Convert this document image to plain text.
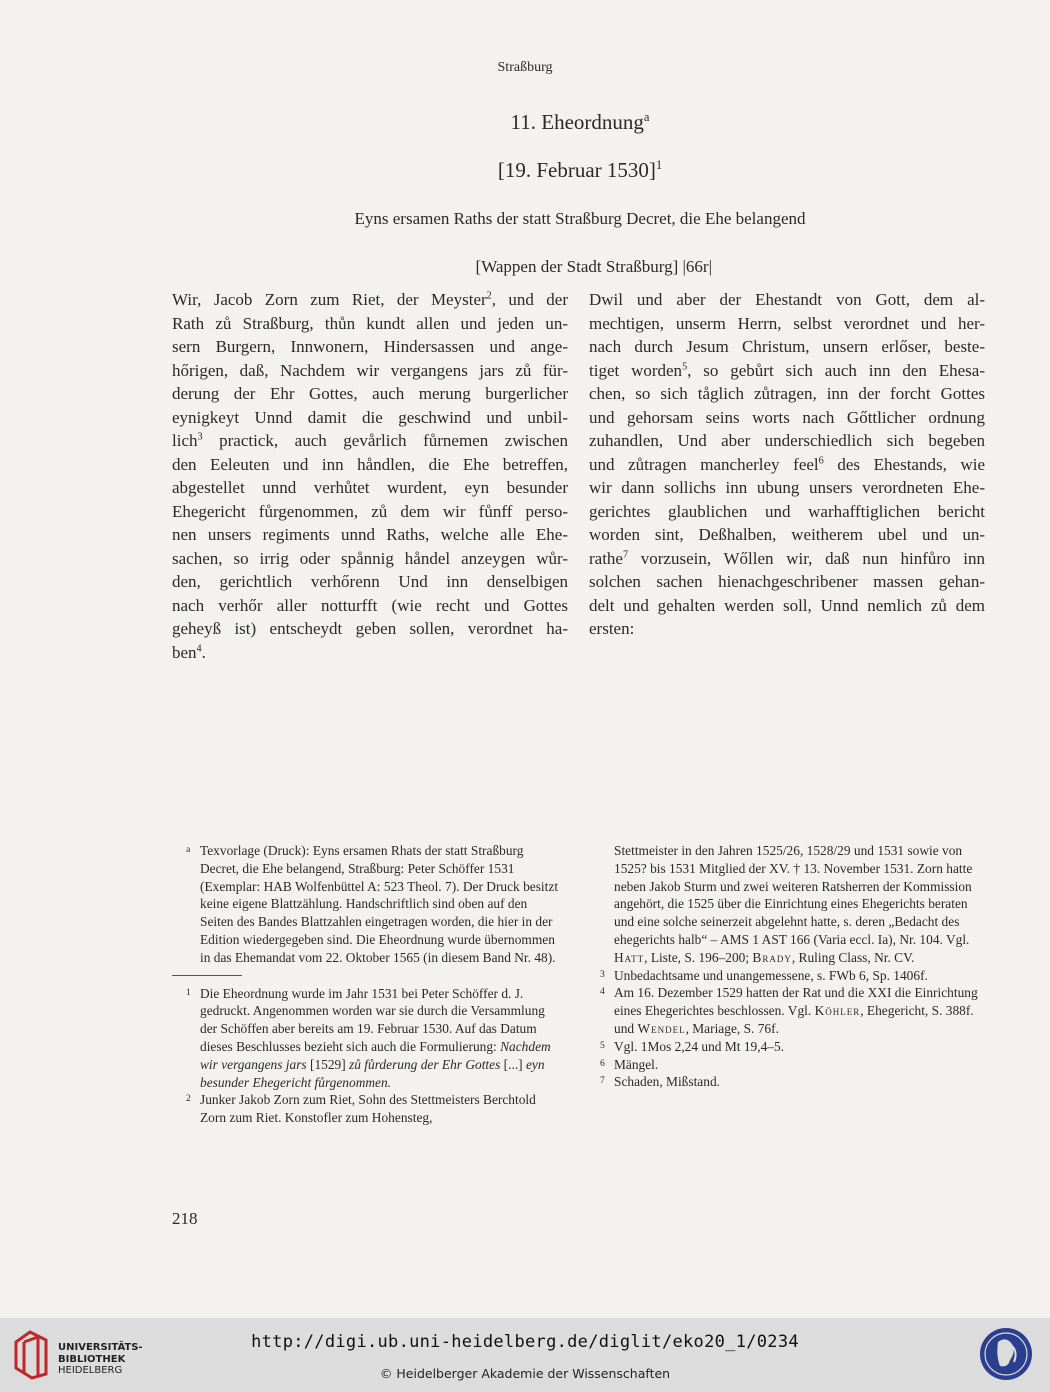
Straßburg
11. Eheordnung$^a$
[19. Februar 1530]$^1$
Eyns ersamen Raths der statt Straßburg Decret, die Ehe belangend
[Wappen der Stadt Straßburg] |66r|
Wir, Jacob Zorn zum Riet, der Meyster$^2$, und der
Rath zů Straßburg, thůn kundt allen und jeden un-
sern Burgern, Innwonern, Hindersassen und ange-
hőrigen, daß, Nachdem wir vergangens jars zů für-
derung der Ehr Gottes, auch merung burgerlicher
eynigkeyt Unnd damit die geschwind und unbil-
lich$^3$ practick, auch gevårlich fůrnemen zwischen
den Eeleuten und inn håndlen, die Ehe betreffen,
abgestellet unnd verhůtet wurdent, eyn besunder
Ehegericht fůrgenommen, zů dem wir fůnff perso-
nen unsers regiments unnd Raths, welche alle Ehe-
sachen, so irrig oder spånnig håndel anzeygen wůr-
den, gerichtlich verhőrenn Und inn denselbigen
nach verhőr aller notturfft (wie recht und Gottes
geheyß ist) entscheydt geben sollen, verordnet ha-
ben$^4$.
Dwil und aber der Ehestandt von Gott, dem al-
mechtigen, unserm Herrn, selbst verordnet und her-
nach durch Jesum Christum, unsern erlőser, beste-
tiget worden$^5$, so gebůrt sich auch inn den Ehesa-
chen, so sich tåglich zůtragen, inn der forcht Gottes
und gehorsam seins worts nach Gőttlicher ordnung
zuhandlen, Und aber underschiedlich sich begeben
und zůtragen mancherley feel$^6$ des Ehestands, wie
wir dann sollichs inn ubung unsers verordneten Ehe-
gerichtes glaublichen und warhafftiglichen bericht
worden sint, Deßhalben, weitherem ubel und un-
rathe$^7$ vorzusein, Wőllen wir, daß nun hinfůro inn
solchen sachen hienachgeschribener massen gehan-
delt und gehalten werden soll, Unnd nemlich zů dem
ersten:

a Texvorlage (Druck): Eyns ersamen Rhats der statt Straßburg Decret, die Ehe belangend, Straßburg: Peter Schöffer 1531 (Exemplar: HAB Wolfenbüttel A: 523 Theol. 7). Der Druck besitzt keine eigene Blattzählung. Handschriftlich sind oben auf den Seiten des Bandes Blattzahlen eingetragen worden, die hier in der Edition wiedergegeben sind. Die Eheordnung wurde übernommen in das Ehemandat vom 22. Oktober 1565 (in diesem Band Nr. 48).

1 Die Eheordnung wurde im Jahr 1531 bei Peter Schöffer d. J. gedruckt. Angenommen worden war sie durch die Versammlung der Schöffen aber bereits am 19. Februar 1530. Auf das Datum dieses Beschlusses bezieht sich auch die Formulierung: Nachdem wir vergangens jars [1529] zů fůrderung der Ehr Gottes [...] eyn besunder Ehegericht fůrgenommen.

2 Junker Jakob Zorn zum Riet, Sohn des Stettmeisters Berchtold Zorn zum Riet. Konstofler zum Hohensteg,

Stettmeister in den Jahren 1525/26, 1528/29 und 1531 sowie von 1525? bis 1531 Mitglied der XV. † 13. November 1531. Zorn hatte neben Jakob Sturm und zwei weiteren Ratsherren der Kommission angehört, die 1525 über die Einrichtung eines Ehegerichts beraten und eine solche seinerzeit abgelehnt hatte, s. deren „Bedacht des ehegerichts halb“ – AMS 1 AST 166 (Varia eccl. Ia), Nr. 104. Vgl. Hatt, Liste, S. 196–200; Brady, Ruling Class, Nr. CV.

3 Unbedachtsame und unangemessene, s. FWb 6, Sp. 1406f.

4 Am 16. Dezember 1529 hatten der Rat und die XXI die Einrichtung eines Ehegerichtes beschlossen. Vgl. Köhler, Ehegericht, S. 388f. und Wendel, Mariage, S. 76f.

5 Vgl. 1Mos 2,24 und Mt 19,4–5.

6 Mängel.

7 Schaden, Mißstand.

218
UNIVERSITÄTS-
BIBLIOTHEK
HEIDELBERG
http://digi.ub.uni-heidelberg.de/diglit/eko20_1/0234
© Heidelberger Akademie der Wissenschaften
